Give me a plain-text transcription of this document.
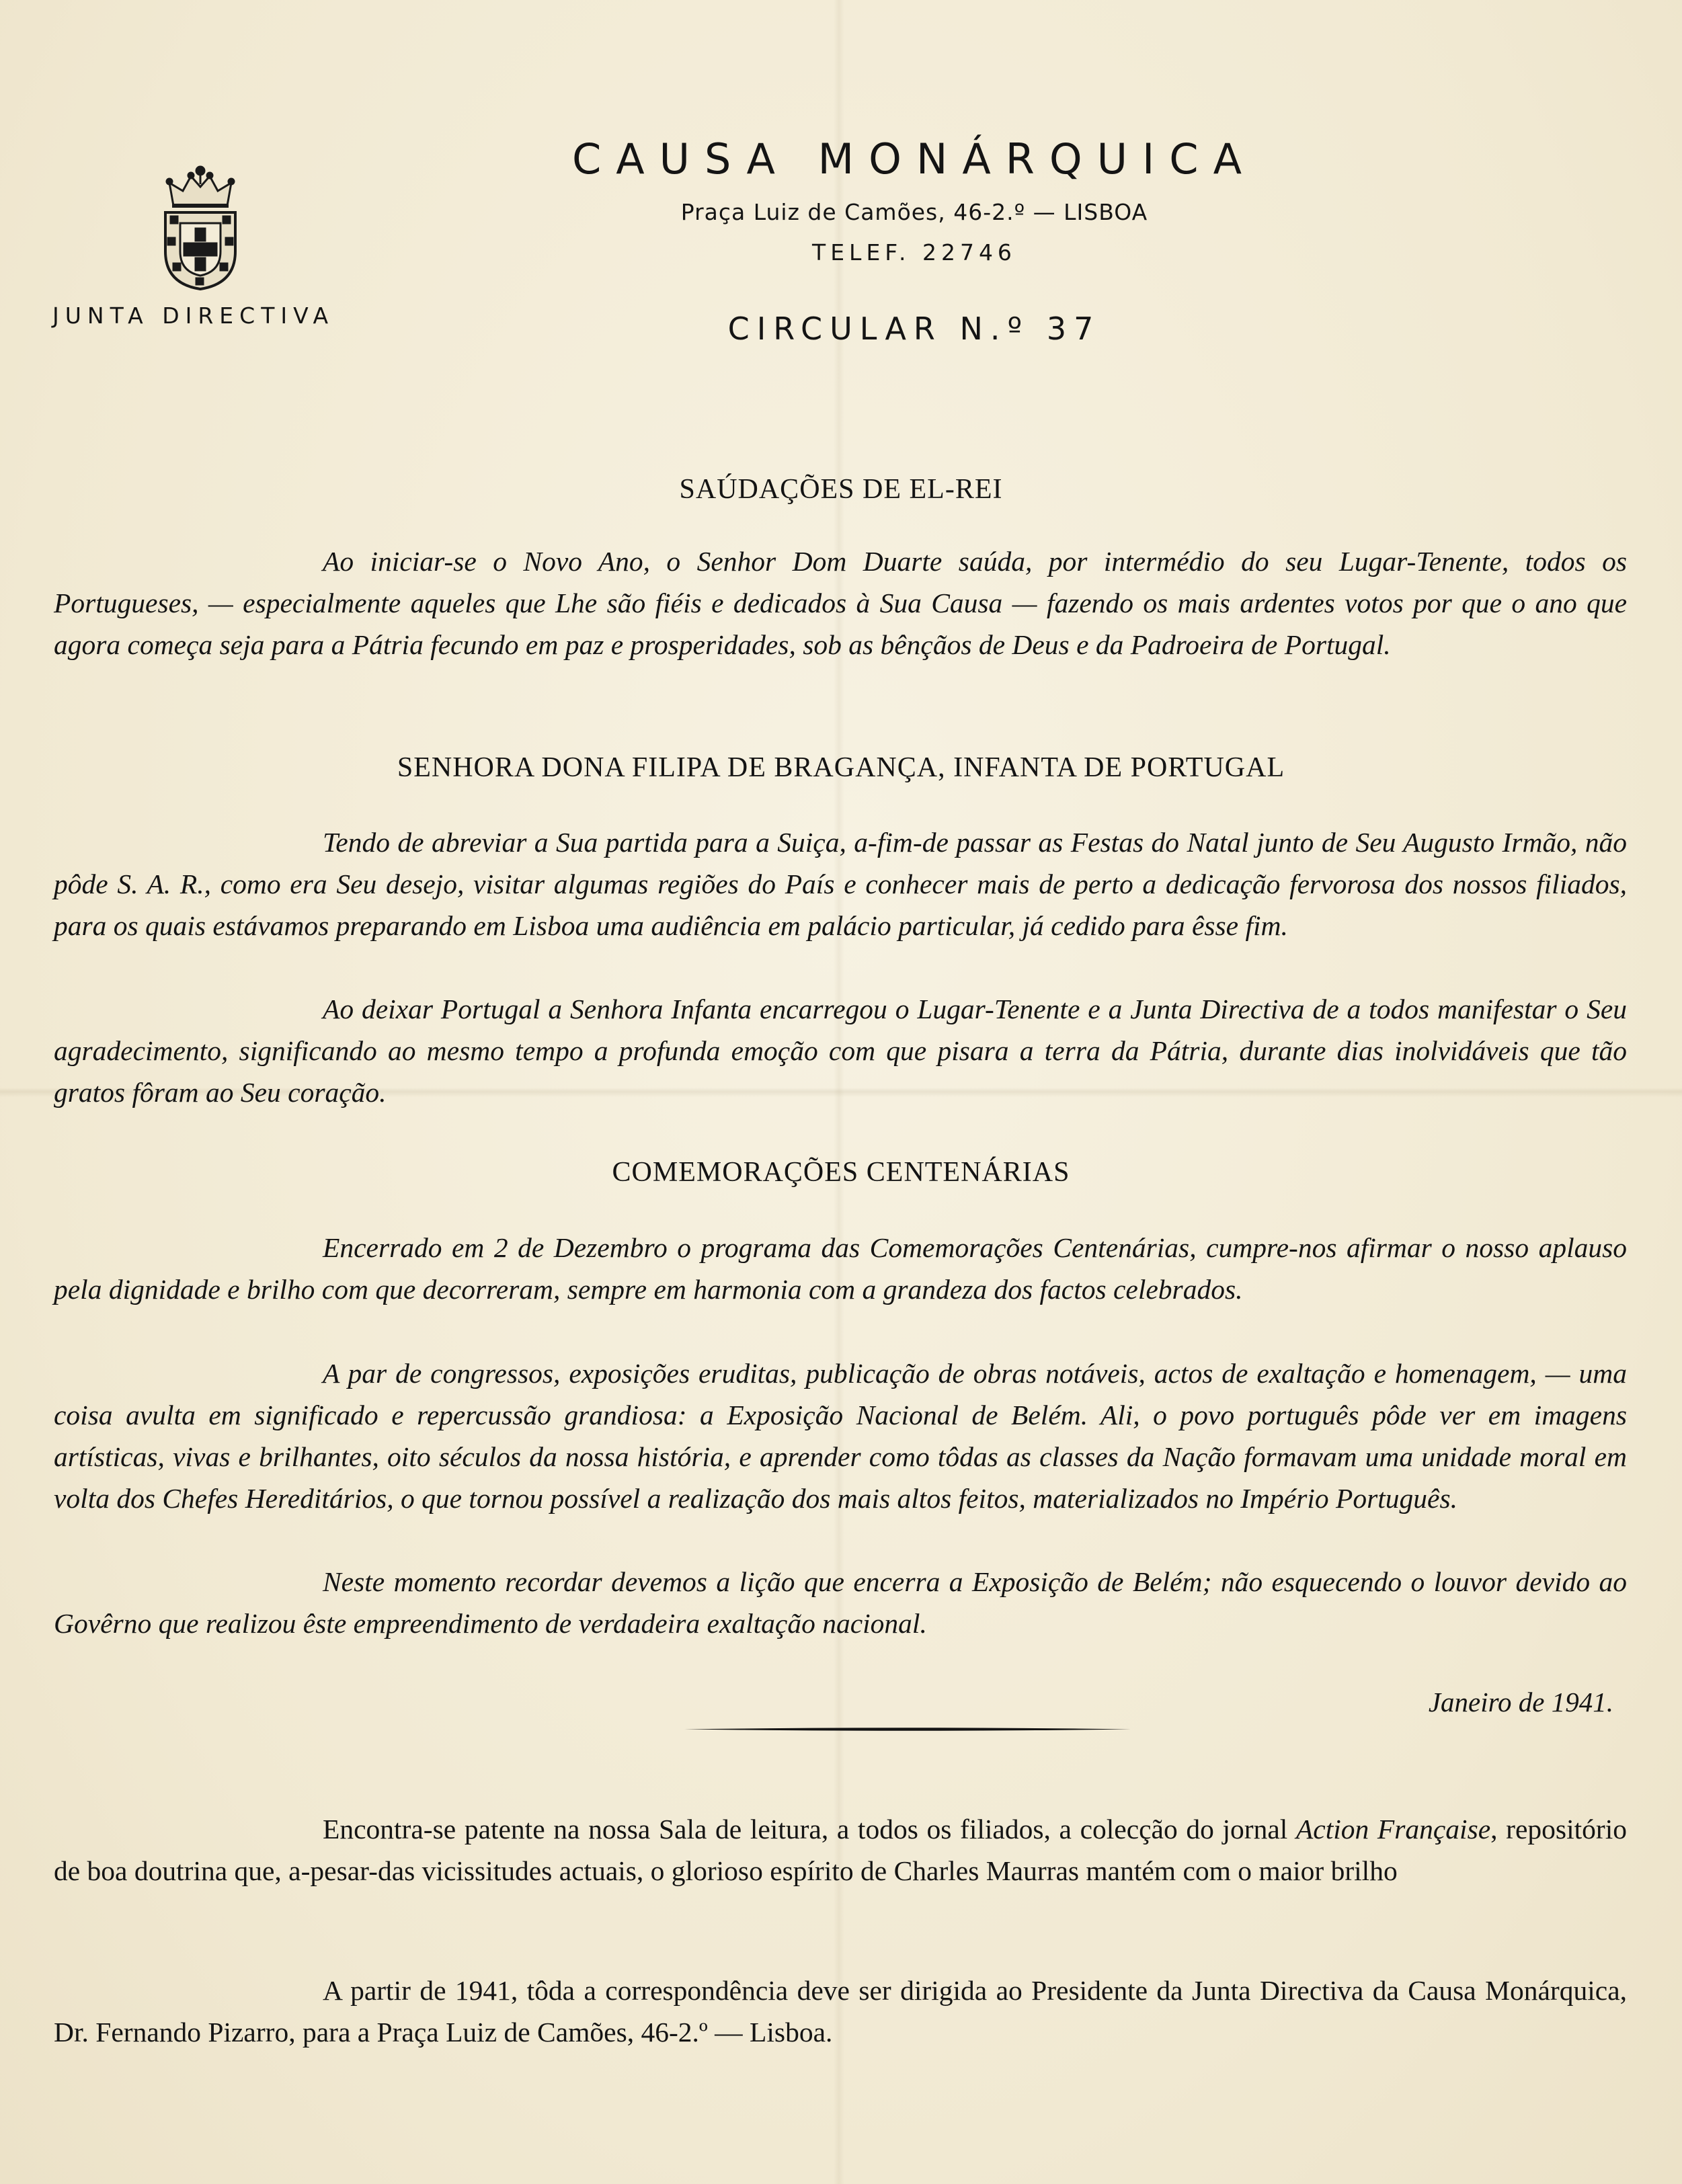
JUNTA DIRECTIVA
CAUSA MONÁRQUICA
Praça Luiz de Camões, 46-2.º — LISBOA
TELEF. 22746
CIRCULAR N.º 37
SAÚDAÇÕES DE EL-REI

Ao iniciar-se o Novo Ano, o Senhor Dom Duarte saúda, por intermédio do seu Lugar-Tenente, todos os Portugueses, — especialmente aqueles que Lhe são fiéis e dedicados à Sua Causa — fazendo os mais ardentes votos por que o ano que agora começa seja para a Pátria fecundo em paz e prosperidades, sob as bênçãos de Deus e da Padroeira de Portugal.

SENHORA DONA FILIPA DE BRAGANÇA, INFANTA DE PORTUGAL

Tendo de abreviar a Sua partida para a Suiça, a-fim-de passar as Festas do Natal junto de Seu Augusto Irmão, não pôde S. A. R., como era Seu desejo, visitar algumas regiões do País e conhecer mais de perto a dedicação fervorosa dos nossos filiados, para os quais estávamos preparando em Lisboa uma audiência em palácio particular, já cedido para êsse fim.

Ao deixar Portugal a Senhora Infanta encarregou o Lugar-Tenente e a Junta Directiva de a todos manifestar o Seu agradecimento, significando ao mesmo tempo a profunda emoção com que pisara a terra da Pátria, durante dias inolvidáveis que tão gratos fôram ao Seu coração.

COMEMORAÇÕES CENTENÁRIAS

Encerrado em 2 de Dezembro o programa das Comemorações Centenárias, cumpre-nos afirmar o nosso aplauso pela dignidade e brilho com que decorreram, sempre em harmonia com a grandeza dos factos celebrados.

A par de congressos, exposições eruditas, publicação de obras notáveis, actos de exaltação e homenagem, — uma coisa avulta em significado e repercussão grandiosa: a Exposição Nacional de Belém. Ali, o povo português pôde ver em imagens artísticas, vivas e brilhantes, oito séculos da nossa história, e aprender como tôdas as classes da Nação formavam uma unidade moral em volta dos Chefes Hereditários, o que tornou possível a realização dos mais altos feitos, materializados no Império Português.

Neste momento recordar devemos a lição que encerra a Exposição de Belém; não esquecendo o louvor devido ao Govêrno que realizou êste empreendimento de verdadeira exaltação nacional.

Janeiro de 1941.

Encontra-se patente na nossa Sala de leitura, a todos os filiados, a colecção do jornal Action Française, repositório de boa doutrina que, a-pesar-das vicissitudes actuais, o glorioso espírito de Charles Maurras mantém com o maior brilho

A partir de 1941, tôda a correspondência deve ser dirigida ao Presidente da Junta Directiva da Causa Monárquica, Dr. Fernando Pizarro, para a Praça Luiz de Camões, 46-2.º — Lisboa.
